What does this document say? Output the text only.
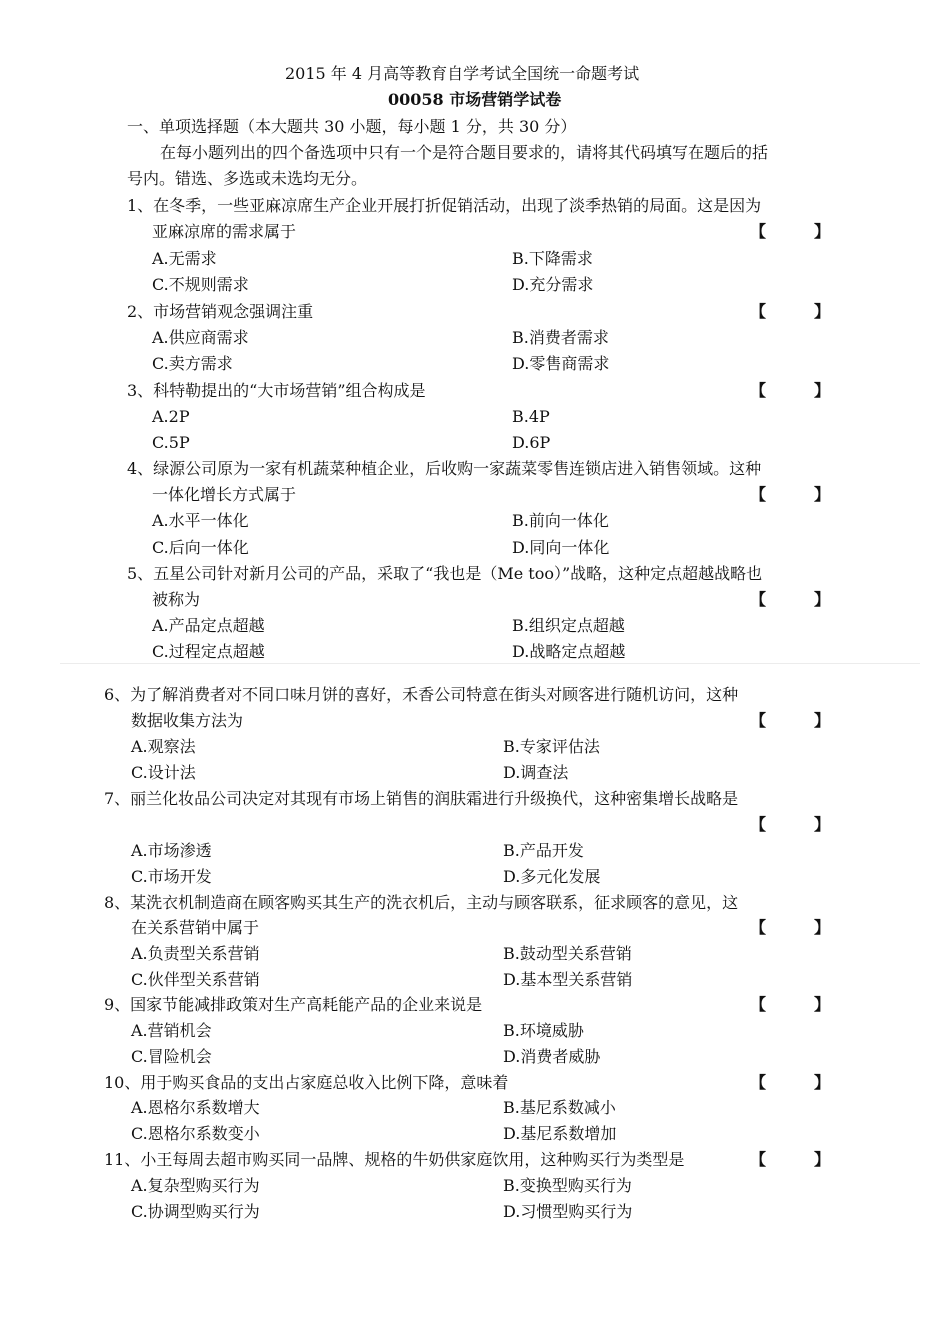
2015 年 4 月高等教育自学考试全国统一命题考试
00058 市场营销学试卷
一、单项选择题（本大题共 30 小题，每小题 1 分，共 30 分）
在每小题列出的四个备选项中只有一个是符合题目要求的，请将其代码填写在题后的括
号内。错选、多选或未选均无分。
1、在冬季，一些亚麻凉席生产企业开展打折促销活动，出现了淡季热销的局面。这是因为
亚麻凉席的需求属于	【	】
A.无需求	B.下降需求
C.不规则需求	D.充分需求
2、市场营销观念强调注重	【	】
A.供应商需求	B.消费者需求
C.卖方需求	D.零售商需求
3、科特勒提出的“大市场营销”组合构成是	【	】
A.2P	B.4P
C.5P	D.6P
4、绿源公司原为一家有机蔬菜种植企业，后收购一家蔬菜零售连锁店进入销售领域。这种
一体化增长方式属于	【	】
A.水平一体化	B.前向一体化
C.后向一体化	D.同向一体化
5、五星公司针对新月公司的产品，采取了“我也是（Me too）”战略，这种定点超越战略也
被称为	【	】
A.产品定点超越	B.组织定点超越
C.过程定点超越	D.战略定点超越
6、为了解消费者对不同口味月饼的喜好，禾香公司特意在街头对顾客进行随机访问，这种
数据收集方法为	【	】
A.观察法	B.专家评估法
C.设计法	D.调查法
7、丽兰化妆品公司决定对其现有市场上销售的润肤霜进行升级换代，这种密集增长战略是
【	】
A.市场渗透	B.产品开发
C.市场开发	D.多元化发展
8、某洗衣机制造商在顾客购买其生产的洗衣机后，主动与顾客联系，征求顾客的意见，这
在关系营销中属于	【	】
A.负责型关系营销	B.鼓动型关系营销
C.伙伴型关系营销	D.基本型关系营销
9、国家节能减排政策对生产高耗能产品的企业来说是	【	】
A.营销机会	B.环境威胁
C.冒险机会	D.消费者威胁
10、用于购买食品的支出占家庭总收入比例下降，意味着	【	】
A.恩格尔系数增大	B.基尼系数减小
C.恩格尔系数变小	D.基尼系数增加
11、小王每周去超市购买同一品牌、规格的牛奶供家庭饮用，这种购买行为类型是	【	】
A.复杂型购买行为	B.变换型购买行为
C.协调型购买行为	D.习惯型购买行为
